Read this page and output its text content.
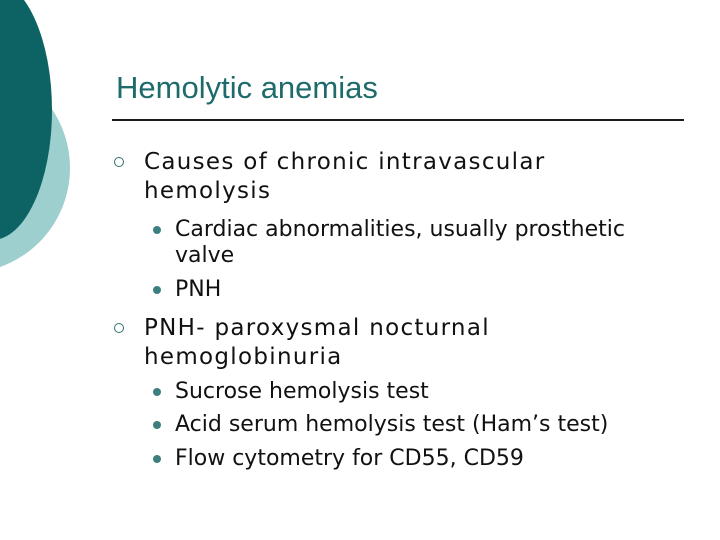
Hemolytic anemias
Causes of chronic intravascular hemolysis
Cardiac abnormalities, usually prosthetic valve
PNH
PNH- paroxysmal nocturnal hemoglobinuria
Sucrose hemolysis test
Acid serum hemolysis test (Ham’s test)
Flow cytometry for CD55, CD59
